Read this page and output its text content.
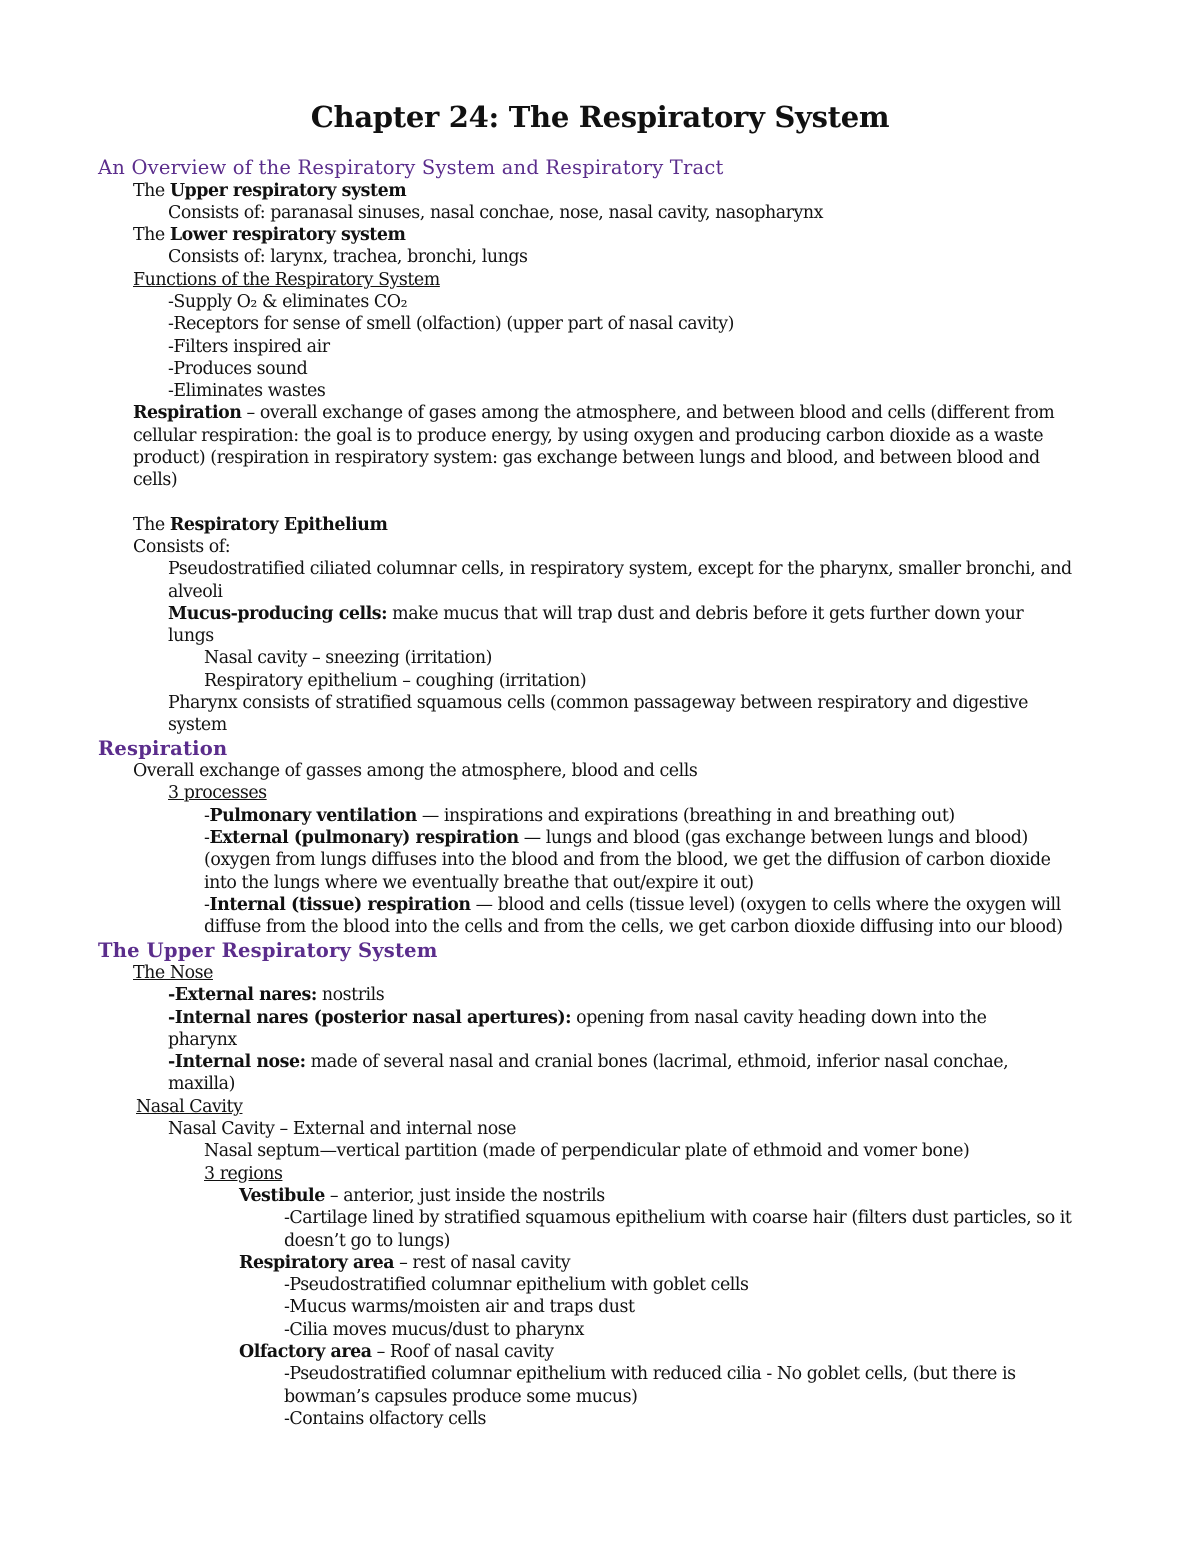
Chapter 24: The Respiratory System

An Overview of the Respiratory System and Respiratory Tract

The Upper respiratory system

Consists of: paranasal sinuses, nasal conchae, nose, nasal cavity, nasopharynx

The Lower respiratory system

Consists of: larynx, trachea, bronchi, lungs

Functions of the Respiratory System

-Supply O₂ & eliminates CO₂

-Receptors for sense of smell (olfaction) (upper part of nasal cavity)

-Filters inspired air

-Produces sound

-Eliminates wastes

Respiration – overall exchange of gases among the atmosphere, and between blood and cells (different from

cellular respiration: the goal is to produce energy, by using oxygen and producing carbon dioxide as a waste

product) (respiration in respiratory system: gas exchange between lungs and blood, and between blood and

cells)

The Respiratory Epithelium

Consists of:

Pseudostratified ciliated columnar cells, in respiratory system, except for the pharynx, smaller bronchi, and

alveoli

Mucus-producing cells: make mucus that will trap dust and debris before it gets further down your

lungs

Nasal cavity – sneezing (irritation)

Respiratory epithelium – coughing (irritation)

Pharynx consists of stratified squamous cells (common passageway between respiratory and digestive

system

Respiration

Overall exchange of gasses among the atmosphere, blood and cells

3 processes

-Pulmonary ventilation — inspirations and expirations (breathing in and breathing out)

-External (pulmonary) respiration — lungs and blood (gas exchange between lungs and blood)

(oxygen from lungs diffuses into the blood and from the blood, we get the diffusion of carbon dioxide

into the lungs where we eventually breathe that out/expire it out)

-Internal (tissue) respiration — blood and cells (tissue level) (oxygen to cells where the oxygen will

diffuse from the blood into the cells and from the cells, we get carbon dioxide diffusing into our blood)

The Upper Respiratory System

The Nose

-External nares: nostrils

-Internal nares (posterior nasal apertures): opening from nasal cavity heading down into the

pharynx

-Internal nose: made of several nasal and cranial bones (lacrimal, ethmoid, inferior nasal conchae,

maxilla)

Nasal Cavity

Nasal Cavity – External and internal nose

Nasal septum—vertical partition (made of perpendicular plate of ethmoid and vomer bone)

3 regions

Vestibule – anterior, just inside the nostrils

-Cartilage lined by stratified squamous epithelium with coarse hair (filters dust particles, so it

doesn’t go to lungs)

Respiratory area – rest of nasal cavity

-Pseudostratified columnar epithelium with goblet cells

-Mucus warms/moisten air and traps dust

-Cilia moves mucus/dust to pharynx

Olfactory area – Roof of nasal cavity

-Pseudostratified columnar epithelium with reduced cilia - No goblet cells, (but there is

bowman’s capsules produce some mucus)

-Contains olfactory cells
